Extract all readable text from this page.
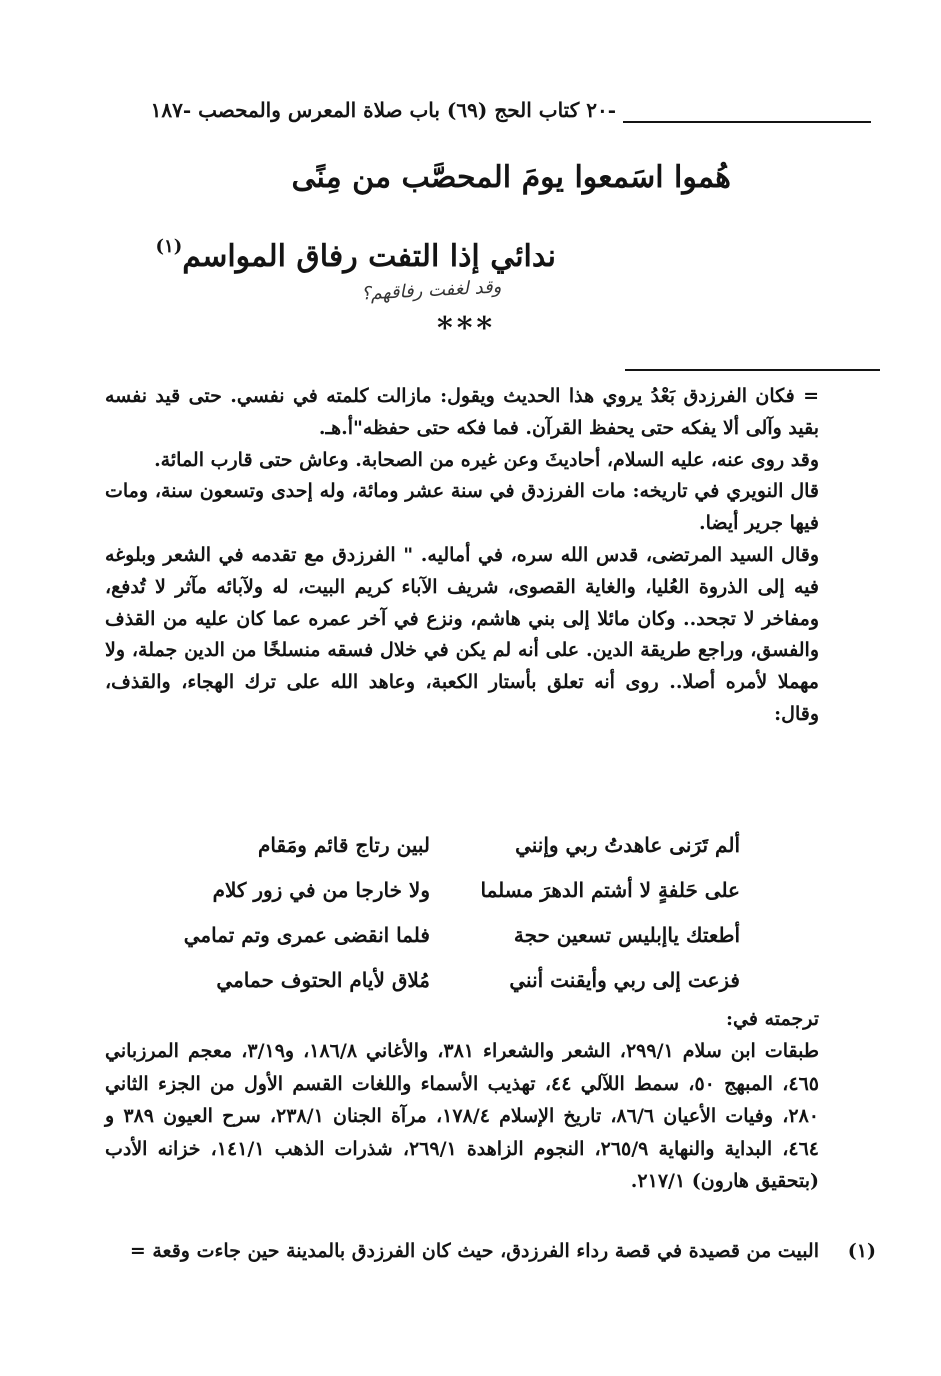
-٢٠ كتاب الحج (٦٩) باب صلاة المعرس والمحصب -١٨٧
هُموا اسَمعوا يومَ المحصَّب من مِنًى
ندائي إذا التفت رفاق المواسم$^{(١)}$
وقد لغفت رفاقهم؟
***

= فكان الفرزدق بَعْدُ يروي هذا الحديث ويقول: مازالت كلمته في نفسي. حتى قيد نفسه بقيد وآلى ألا يفكه حتى يحفظ القرآن. فما فكه حتى حفظه"أ.هـ.

وقد روى عنه، عليه السلام، أحاديثَ وعن غيره من الصحابة. وعاش حتى قارب المائة.

قال النويري في تاريخه: مات الفرزدق في سنة عشر ومائة، وله إحدى وتسعون سنة، ومات فيها جرير أيضا.

وقال السيد المرتضى، قدس الله سره، في أماليه. " الفرزدق مع تقدمه في الشعر وبلوغه فيه إلى الذروة العُليا، والغاية القصوى، شريف الآباء كريم البيت، له ولآبائه مآثر لا تُدفع، ومفاخر لا تجحد.. وكان مائلا إلى بني هاشم، ونزع في آخر عمره عما كان عليه من القذف والفسق، وراجع طريقة الدين. على أنه لم يكن في خلال فسقه منسلخًا من الدين جملة، ولا مهملا لأمره أصلا.. روى أنه تعلق بأستار الكعبة، وعاهد الله على ترك الهجاء، والقذف، وقال:

ألم تَرَنى عاهدتُ ربي وإنني
لبين رتاج قائم ومَقام
على حَلفةٍ لا أشتم الدهرَ مسلما
ولا خارجا من في زور كلام
أطعتك ياإبليس تسعين حجة
فلما انقضى عمرى وتم تمامي
فزعت إلى ربي وأيقنت أنني
مُلاق لأيام الحتوف حمامي

ترجمته في:

طبقات ابن سلام ٢٩٩/١، الشعر والشعراء ٣٨١، والأغاني ١٨٦/٨، و٣/١٩، معجم المرزباني ٤٦٥، المبهج ٥٠، سمط اللآلي ٤٤، تهذيب الأسماء واللغات القسم الأول من الجزء الثاني ٢٨٠، وفيات الأعيان ٨٦/٦، تاريخ الإسلام ١٧٨/٤، مرآة الجنان ٢٣٨/١، سرح العيون ٣٨٩ و ٤٦٤، البداية والنهاية ٢٦٥/٩، النجوم الزاهدة ٢٦٩/١، شذرات الذهب ١٤١/١، خزانه الأدب (بتحقيق هارون) ٢١٧/١.

(١)
البيت من قصيدة في قصة رداء الفرزدق، حيث كان الفرزدق بالمدينة حين جاءت وقعة =
